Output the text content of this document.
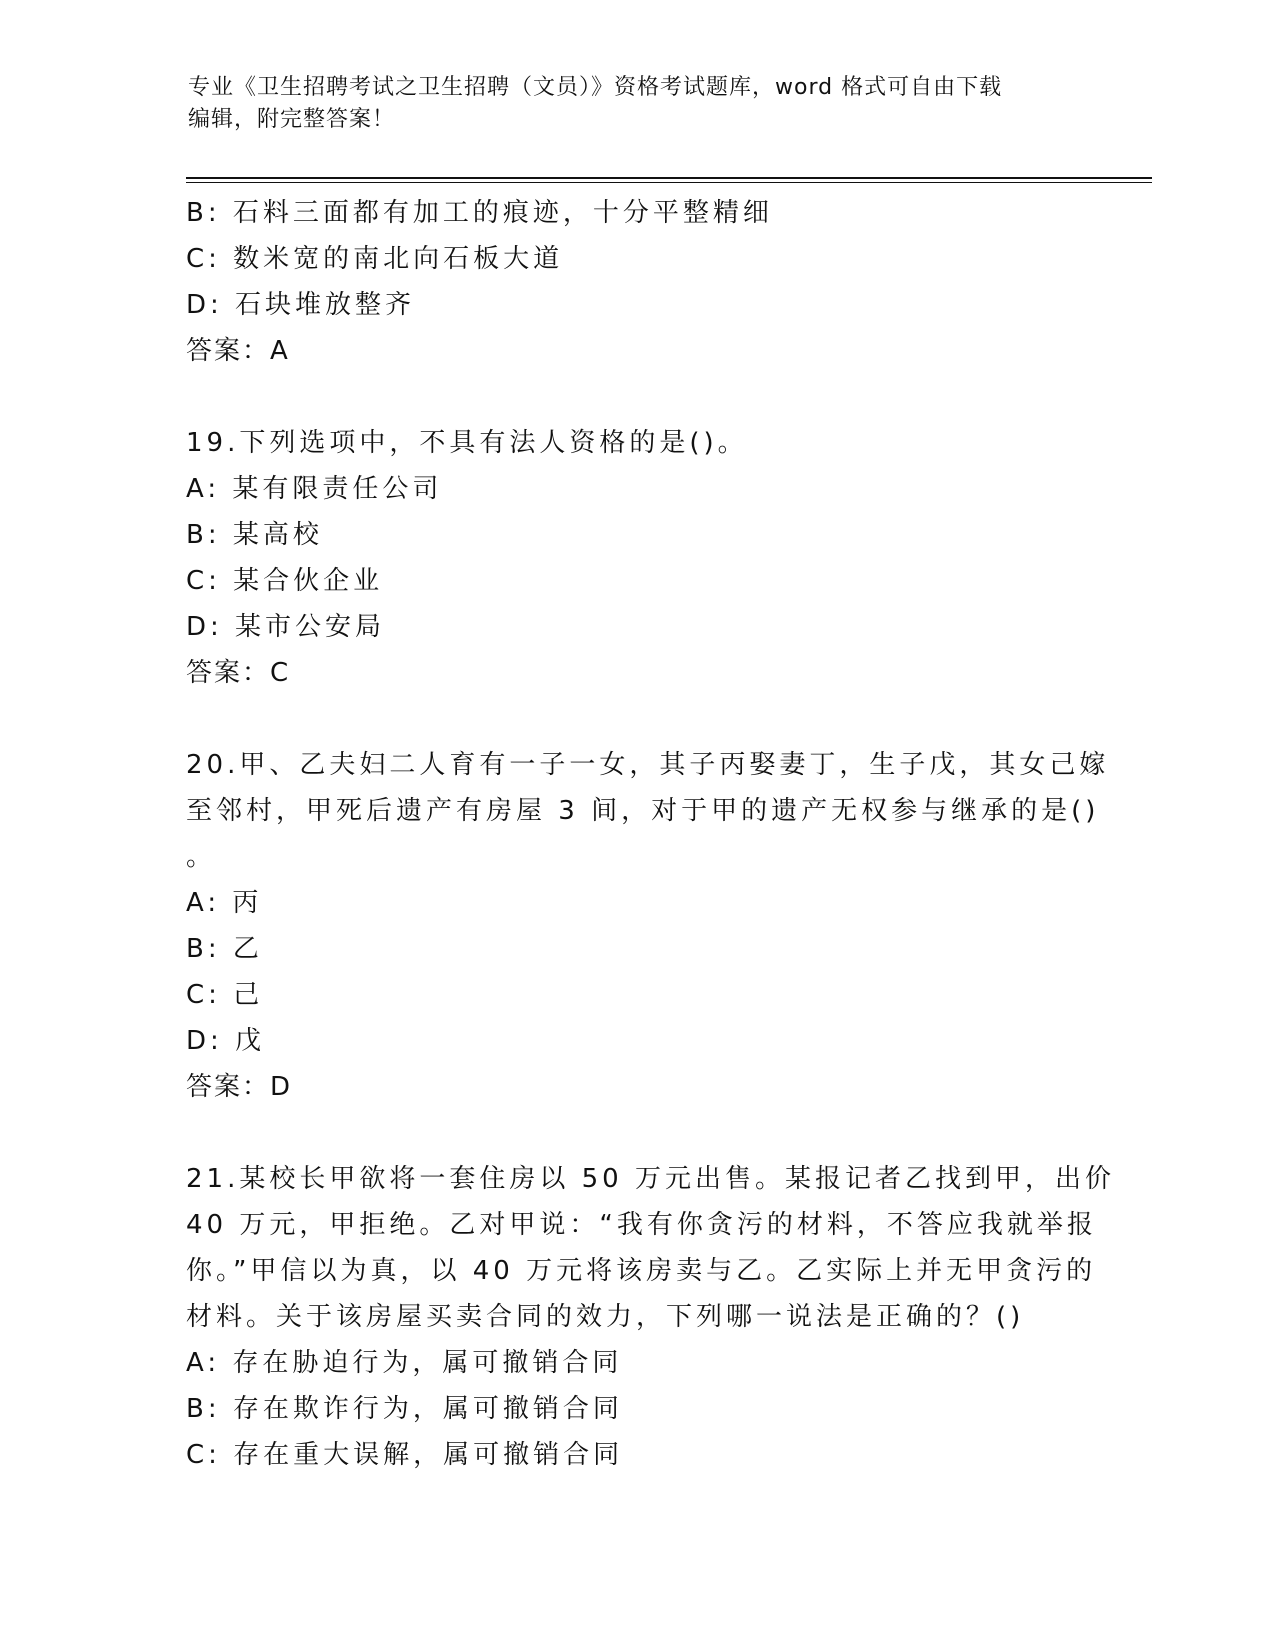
专业《卫生招聘考试之卫生招聘（文员）》资格考试题库，word 格式可自由下载
编辑，附完整答案！
B: 石料三面都有加工的痕迹，十分平整精细
C: 数米宽的南北向石板大道
D: 石块堆放整齐
答案：A
19.下列选项中，不具有法人资格的是()。
A: 某有限责任公司
B: 某高校
C: 某合伙企业
D: 某市公安局
答案：C
20.甲、乙夫妇二人育有一子一女，其子丙娶妻丁，生子戊，其女己嫁
至邻村，甲死后遗产有房屋 3 间，对于甲的遗产无权参与继承的是()
。
A: 丙
B: 乙
C: 己
D: 戊
答案：D
21.某校长甲欲将一套住房以 50 万元出售。某报记者乙找到甲，出价
40 万元，甲拒绝。乙对甲说：“我有你贪污的材料，不答应我就举报
你。”甲信以为真，以 40 万元将该房卖与乙。乙实际上并无甲贪污的
材料。关于该房屋买卖合同的效力，下列哪一说法是正确的？()
A: 存在胁迫行为，属可撤销合同
B: 存在欺诈行为，属可撤销合同
C: 存在重大误解，属可撤销合同
